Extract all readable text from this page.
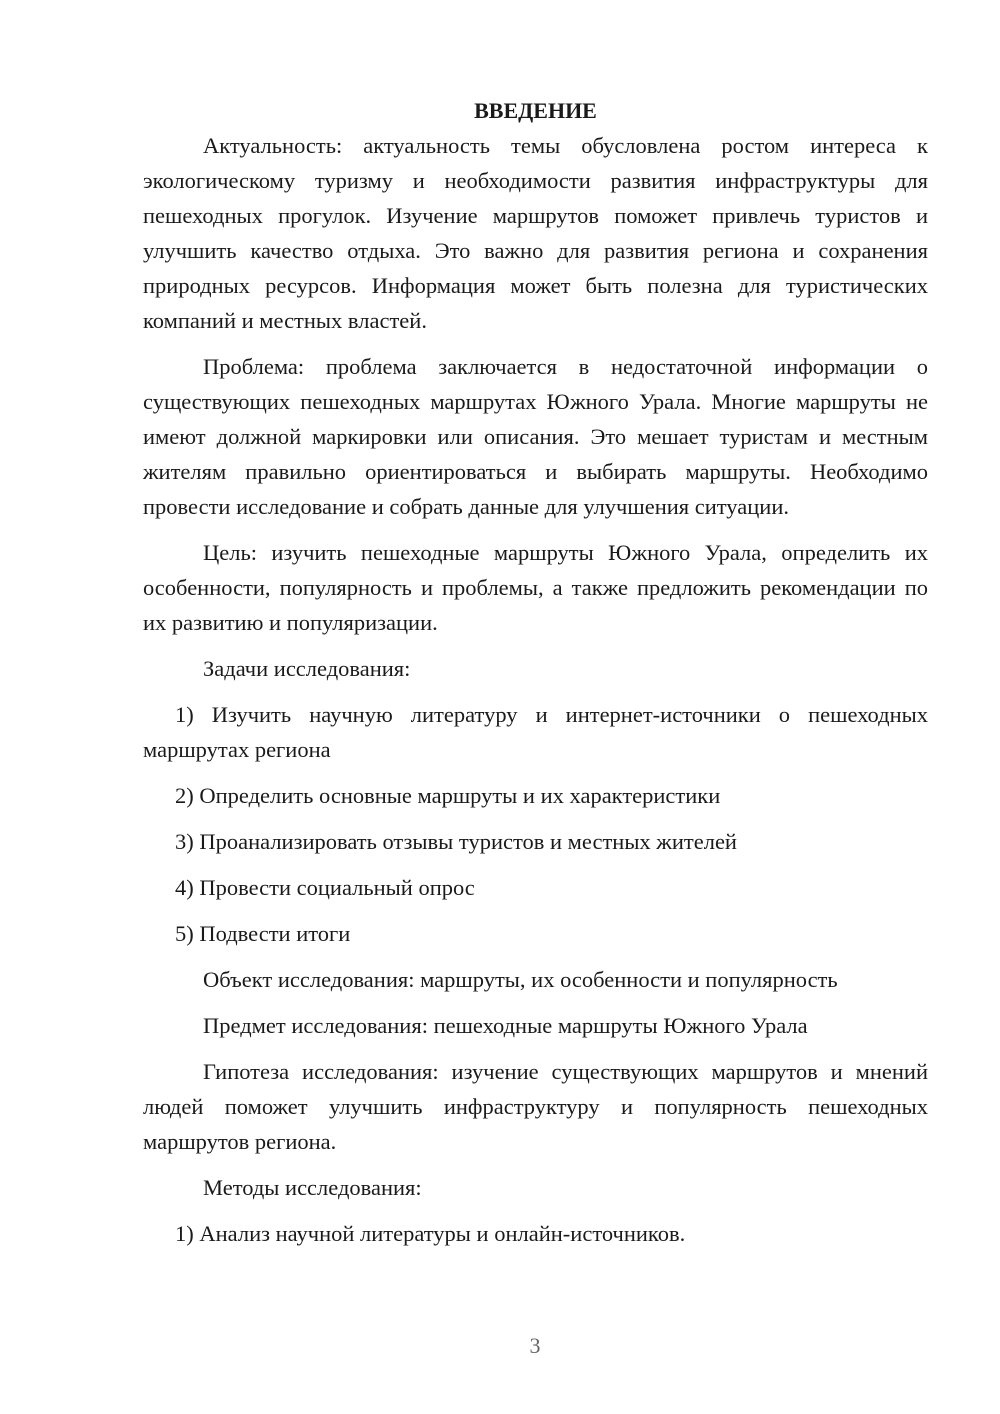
ВВЕДЕНИЕ

Актуальность: актуальность темы обусловлена ростом интереса к экологическому туризму и необходимости развития инфраструктуры для пешеходных прогулок. Изучение маршрутов поможет привлечь туристов и улучшить качество отдыха. Это важно для развития региона и сохранения природных ресурсов. Информация может быть полезна для туристических компаний и местных властей.

Проблема: проблема заключается в недостаточной информации о существующих пешеходных маршрутах Южного Урала. Многие маршруты не имеют должной маркировки или описания. Это мешает туристам и местным жителям правильно ориентироваться и выбирать маршруты. Необходимо провести исследование и собрать данные для улучшения ситуации.

Цель: изучить пешеходные маршруты Южного Урала, определить их особенности, популярность и проблемы, а также предложить рекомендации по их развитию и популяризации.

Задачи исследования:

1) Изучить научную литературу и интернет-источники о пешеходных маршрутах региона

2) Определить основные маршруты и их характеристики

3) Проанализировать отзывы туристов и местных жителей

4) Провести социальный опрос

5) Подвести итоги

Объект исследования: маршруты, их особенности и популярность

Предмет исследования: пешеходные маршруты Южного Урала

Гипотеза исследования: изучение существующих маршрутов и мнений людей поможет улучшить инфраструктуру и популярность пешеходных маршрутов региона.

Методы исследования:

1) Анализ научной литературы и онлайн-источников.

3
